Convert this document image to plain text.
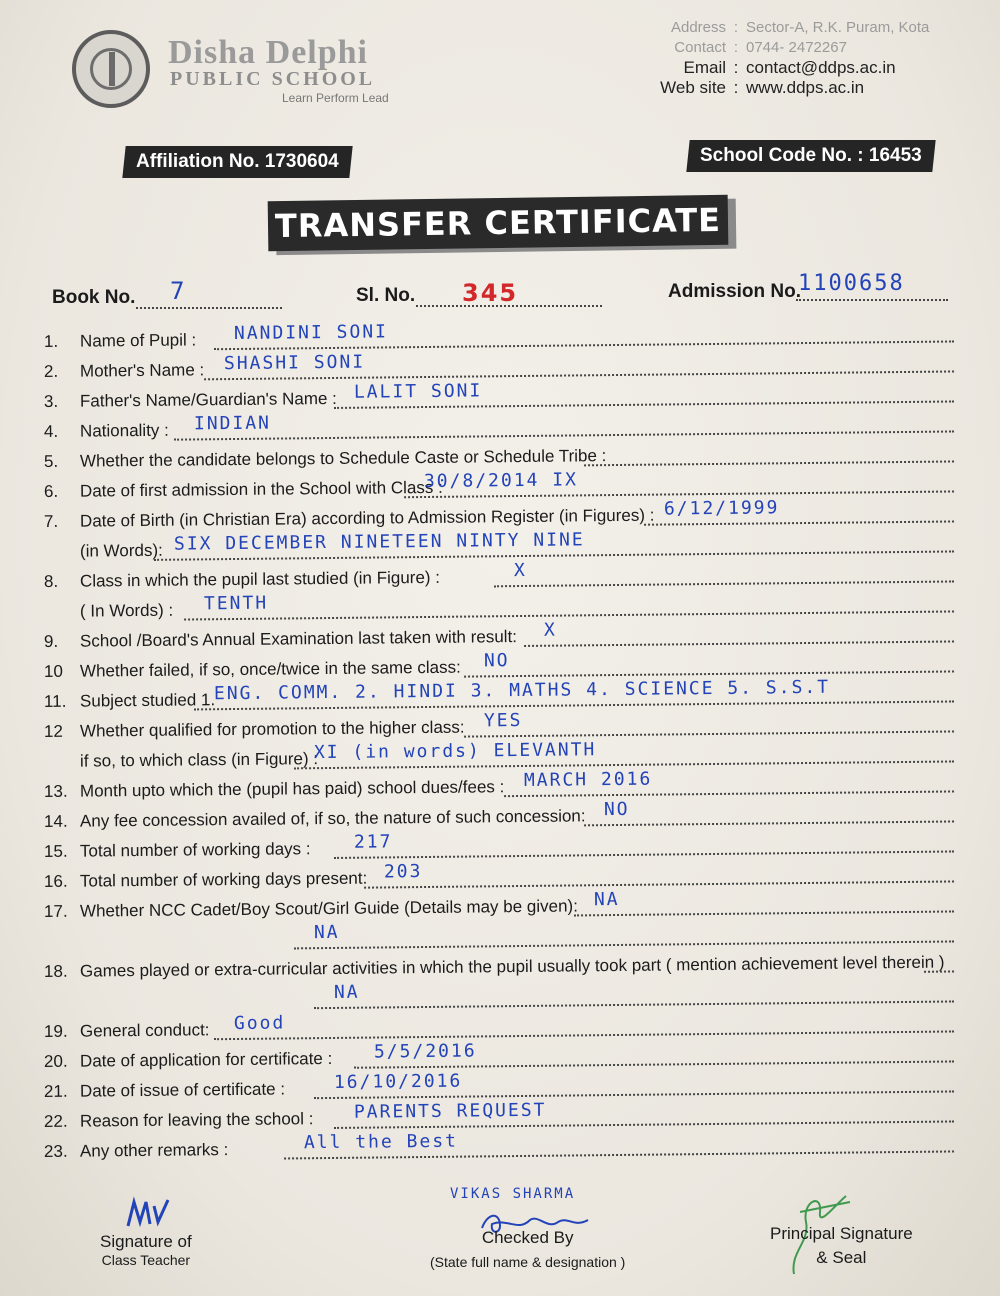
Disha Delphi
PUBLIC SCHOOL
Learn Perform Lead
Address : Sector-A, R.K. Puram, Kota
Contact : 0744- 2472267
Email : contact@ddps.ac.in
Web site : www.ddps.ac.in
Affiliation No. 1730604	School Code No. : 16453
TRANSFER CERTIFICATE
Book No. 7	Sl. No. 345	Admission No.
1100658
1.	Name of Pupil : NANDINI SONI
2.	Mother's Name : SHASHI SONI
3.	Father's Name/Guardian's Name : LALIT SONI
4.	Nationality : INDIAN
5.	Whether the candidate belongs to Schedule Caste or Schedule Tribe :
6.	Date of first admission in the School with Class :
30/8/2014 IX
7.	Date of Birth (in Christian Era) according to Admission Register (in Figures) : 6/12/1999
(in Words): SIX DECEMBER NINETEEN NINTY NINE
8.	Class in which the pupil last studied (in Figure) :	X
( In Words) : TENTH
9.	School /Board's Annual Examination last taken with result: X
10 Whether failed, if so, once/twice in the same class: NO
11. Subject studied 1.
ENG. COMM. 2. HINDI 3. MATHS 4. SCIENCE 5. S.S.T
12 Whether qualified for promotion to the higher class: YES
if so, to which class (in Figure) :
XI (in words) ELEVANTH
13. Month upto which the (pupil has paid) school dues/fees : MARCH 2016
14. Any fee concession availed of, if so, the nature of such concession: NO
15. Total number of working days : 217
16. Total number of working days present: 203
17. Whether NCC Cadet/Boy Scout/Girl Guide (Details may be given): NA
NA
18. Games played or extra-curricular activities in which the pupil usually took part ( mention achievement level therein )
NA
19. General conduct: Good
20. Date of application for certificate : 5/5/2016
21. Date of issue of certificate :	16/10/2016
22. Reason for leaving the school : PARENTS REQUEST
23. Any other remarks :	All the Best
Signature of
Class Teacher
VIKAS SHARMA
Checked By
(State full name & designation )
Principal Signature
& Seal
